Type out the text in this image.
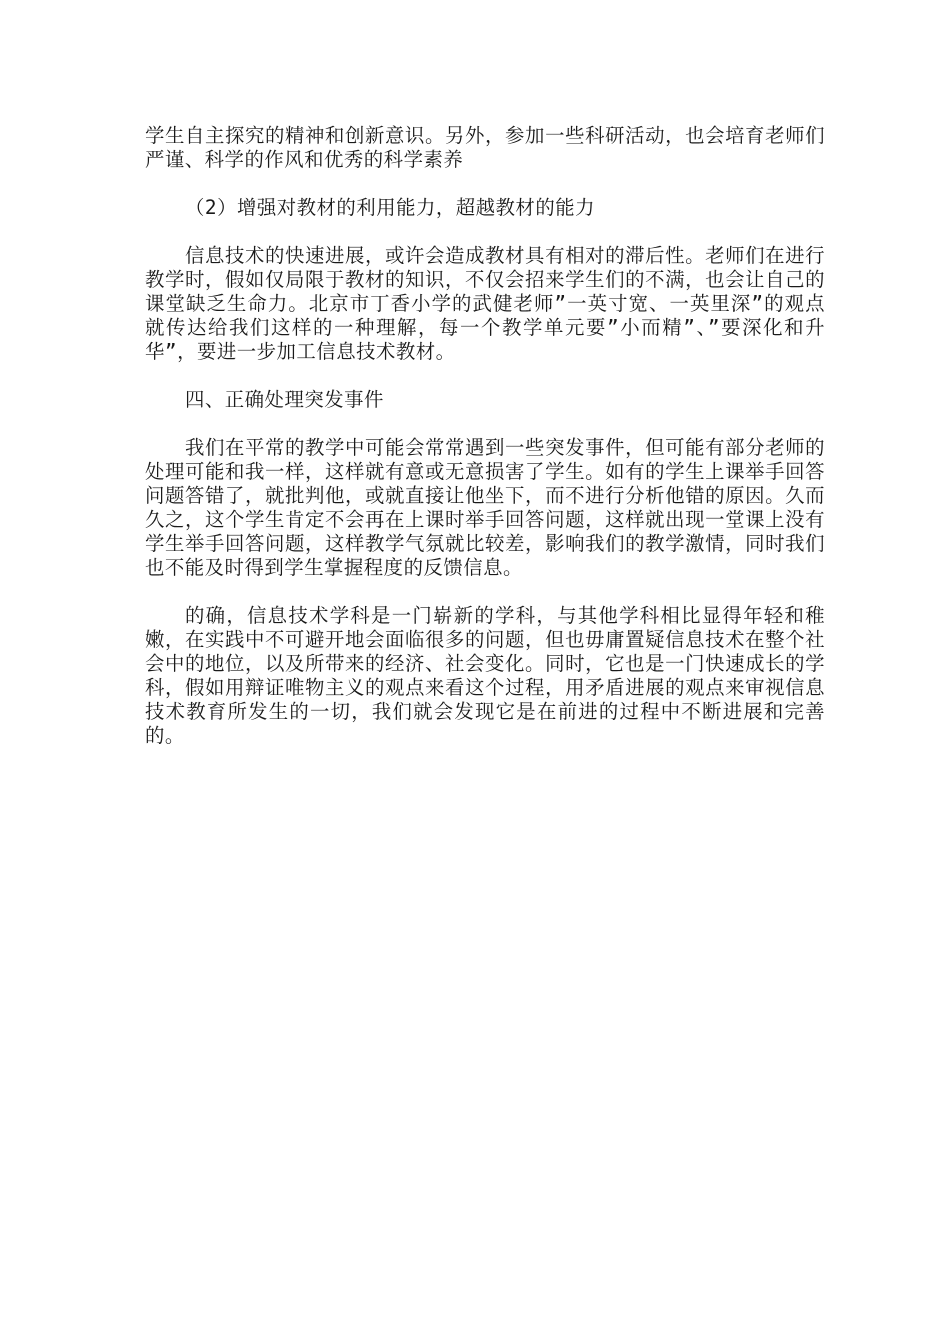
学生自主探究的精神和创新意识。另外，参加一些科研活动，也会培育老师们严谨、科学的作风和优秀的科学素养

（2）增强对教材的利用能力，超越教材的能力

信息技术的快速进展，或许会造成教材具有相对的滞后性。老师们在进行教学时，假如仅局限于教材的知识，不仅会招来学生们的不满，也会让自己的课堂缺乏生命力。北京市丁香小学的武健老师”一英寸宽、一英里深”的观点就传达给我们这样的一种理解，每一个教学单元要”小而精”、”要深化和升华”，要进一步加工信息技术教材。

四、正确处理突发事件

我们在平常的教学中可能会常常遇到一些突发事件，但可能有部分老师的处理可能和我一样，这样就有意或无意损害了学生。如有的学生上课举手回答问题答错了，就批判他，或就直接让他坐下，而不进行分析他错的原因。久而久之，这个学生肯定不会再在上课时举手回答问题，这样就出现一堂课上没有学生举手回答问题，这样教学气氛就比较差，影响我们的教学激情，同时我们也不能及时得到学生掌握程度的反馈信息。

的确，信息技术学科是一门崭新的学科，与其他学科相比显得年轻和稚嫩，在实践中不可避开地会面临很多的问题，但也毋庸置疑信息技术在整个社会中的地位，以及所带来的经济、社会变化。同时，它也是一门快速成长的学科，假如用辩证唯物主义的观点来看这个过程，用矛盾进展的观点来审视信息技术教育所发生的一切，我们就会发现它是在前进的过程中不断进展和完善的。
